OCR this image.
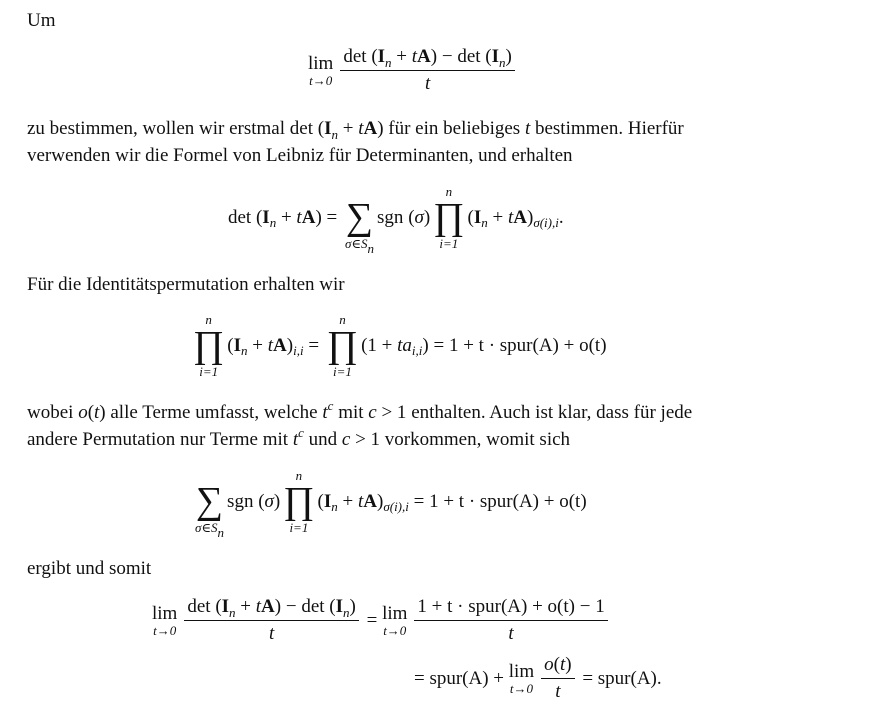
Um
lim
$t\to 0 \frac{\det (I_n + tA) - \det (I_n)}{t}$
zu bestimmen, wollen wir erstmal $\det (I_n + tA)$ für ein beliebiges t bestimmen. Hierfür
verwenden wir die Formel von Leibniz für Determinanten, und erhalten
det ( I n + t A ) = ∑
σ∈Sn
sgn ( σ )
n
∏
i=1
( I n + t A ) σ(i),i .
Für die Identitätspermutation erhalten wir
n
∏
i=1
( I n + t A ) i,i =
n
∏
i=1
(1 + ta i,i ) = 1 + t · spur(A) + o(t)
wobei o(t) alle Terme umfasst, welche $t^c$ mit c > 1 enthalten. Auch ist klar, dass für jede
andere Permutation nur Terme mit $t^c$ und c > 1 vorkommen, womit sich
∑
σ∈Sn
sgn ( σ )
n
∏
i=1
( I n + t A ) σ(i),i = 1 + t · spur(A) + o(t)
ergibt und somit
lim
$t\to 0 \frac{\det (I_n + tA) - \det (I_n)}{t} = \lim$
$t\to 0 \frac{\text{1 + t · spur(A) + o(t) − 1}}{t}$
= spur(A) +
lim
$t\to 0 \frac{o(t)}{t}$
= spur(A).
